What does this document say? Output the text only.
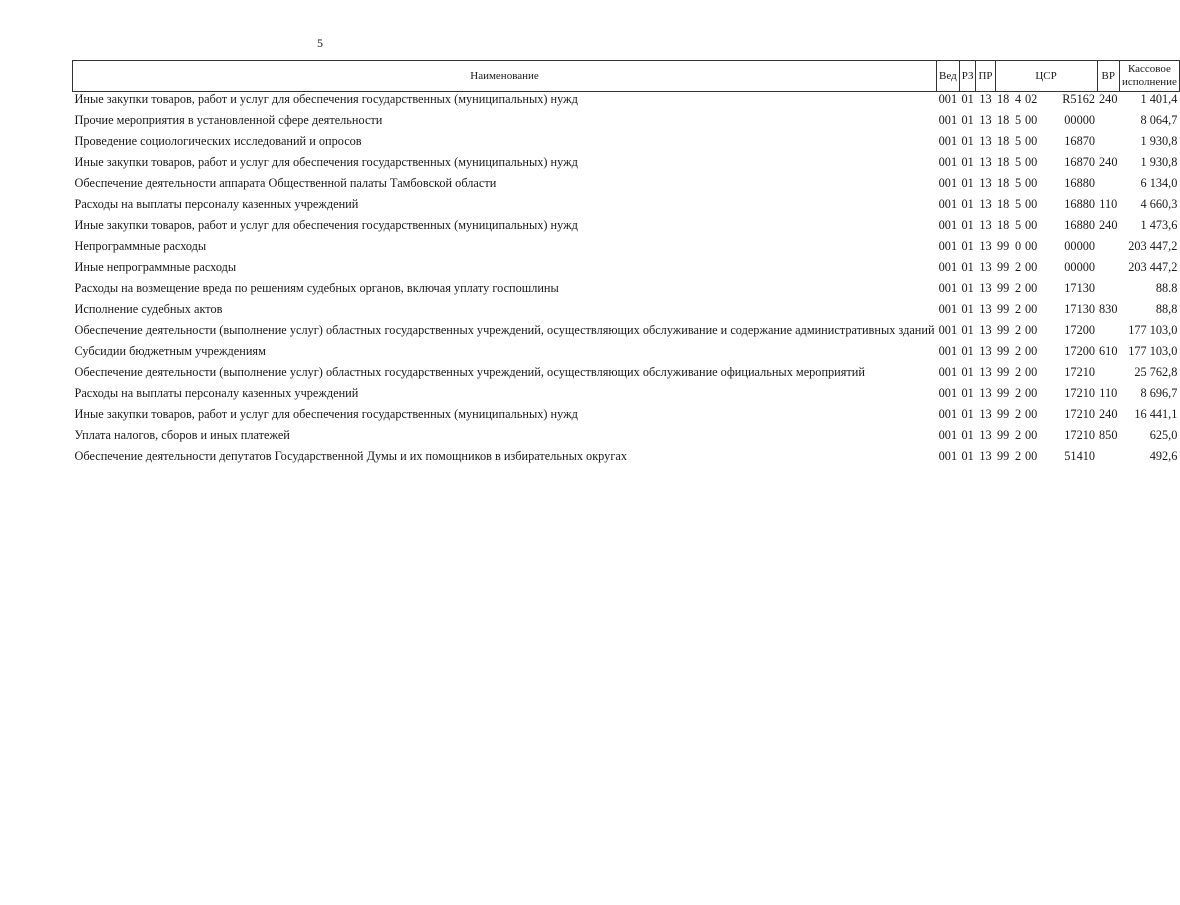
5
Наименование	Вед	РЗ	ПР	ЦСР	ВР	Кассовое исполнение
Иные закупки товаров, работ и услуг для обеспечения государственных (муниципальных) нужд	001	01	13	18 4 02 R5162	240	1 401,4
Прочие мероприятия в установленной сфере деятельности	001	01	13	18 5 00 00000		8 064,7
Проведение социологических исследований и опросов	001	01	13	18 5 00 16870		1 930,8
Иные закупки товаров, работ и услуг для обеспечения государственных (муниципальных) нужд	001	01	13	18 5 00 16870	240	1 930,8
Обеспечение деятельности аппарата Общественной палаты Тамбовской области	001	01	13	18 5 00 16880		6 134,0
Расходы на выплаты персоналу казенных учреждений	001	01	13	18 5 00 16880	110	4 660,3
Иные закупки товаров, работ и услуг для обеспечения государственных (муниципальных) нужд	001	01	13	18 5 00 16880	240	1 473,6
Непрограммные расходы	001	01	13	99 0 00 00000		203 447,2
Иные непрограммные расходы	001	01	13	99 2 00 00000		203 447,2
Расходы на возмещение вреда по решениям судебных органов, включая уплату госпошлины	001	01	13	99 2 00 17130		88.8
Исполнение судебных актов	001	01	13	99 2 00 17130	830	88,8
Обеспечение деятельности (выполнение услуг) областных государственных учреждений, осуществляющих обслуживание и содержание административных зданий	001	01	13	99 2 00 17200		177 103,0
Субсидии бюджетным учреждениям	001	01	13	99 2 00 17200	610	177 103,0
Обеспечение деятельности (выполнение услуг) областных государственных учреждений, осуществляющих обслуживание официальных мероприятий	001	01	13	99 2 00 17210		25 762,8
Расходы на выплаты персоналу казенных учреждений	001	01	13	99 2 00 17210	110	8 696,7
Иные закупки товаров, работ и услуг для обеспечения государственных (муниципальных) нужд	001	01	13	99 2 00 17210	240	16 441,1
Уплата налогов, сборов и иных платежей	001	01	13	99 2 00 17210	850	625,0
Обеспечение деятельности депутатов Государственной Думы и их помощников в избирательных округах	001	01	13	99 2 00 51410		492,6
